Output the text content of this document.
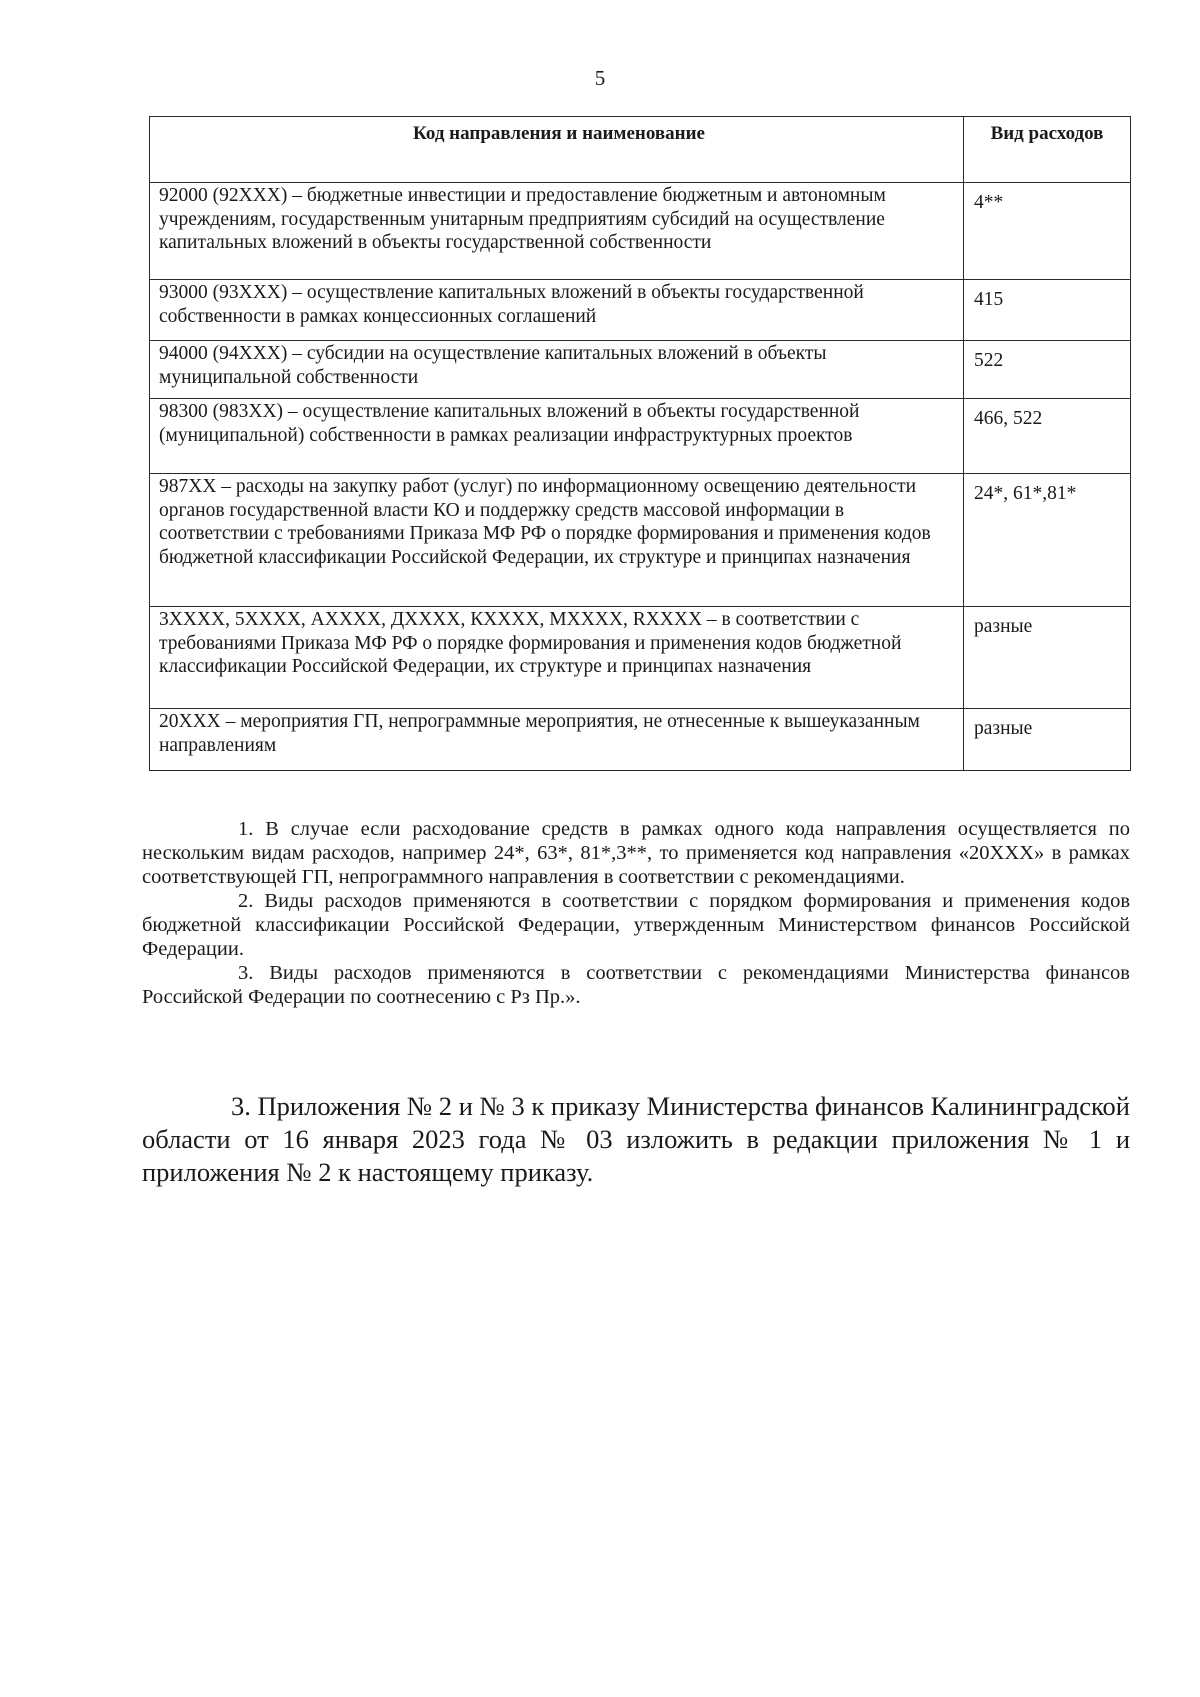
5
Код направления и наименование	Вид расходов
92000 (92ХХХ) – бюджетные инвестиции и предоставление бюджетным и автономным учреждениям, государственным унитарным предприятиям субсидий на осуществление капитальных вложений в объекты государственной собственности	4**
93000 (93ХХХ) – осуществление капитальных вложений в объекты государственной собственности в рамках концессионных соглашений	415
94000 (94ХХХ) – субсидии на осуществление капитальных вложений в объекты муниципальной собственности	522
98300 (983ХХ) – осуществление капитальных вложений в объекты государственной (муниципальной) собственности в рамках реализации инфраструктурных проектов	466, 522
987ХХ – расходы на закупку работ (услуг) по информационному освещению деятельности органов государственной власти КО и поддержку средств массовой информации в соответствии с требованиями Приказа МФ РФ о порядке формирования и применения кодов бюджетной классификации Российской Федерации, их структуре и принципах назначения	24*, 61*,81*
3ХХХХ, 5ХХХХ, АХХХХ, ДХХХХ, КХХХХ, МХХХХ, RХХХХ – в соответствии с требованиями Приказа МФ РФ о порядке формирования и применения кодов бюджетной классификации Российской Федерации, их структуре и принципах назначения	разные
20ХХХ – мероприятия ГП, непрограммные мероприятия, не отнесенные к вышеуказанным направлениям	разные

1. В случае если расходование средств в рамках одного кода направления осуществляется по нескольким видам расходов, например 24*, 63*, 81*,3**, то применяется код направления «20ХХХ» в рамках соответствующей ГП, непрограммного направления в соответствии с рекомендациями.

2. Виды расходов применяются в соответствии с порядком формирования и применения кодов бюджетной классификации Российской Федерации, утвержденным Министерством финансов Российской Федерации.

3. Виды расходов применяются в соответствии с рекомендациями Министерства финансов Российской Федерации по соотнесению с Рз Пр.».

3. Приложения № 2 и № 3 к приказу Министерства финансов Калининградской области от 16 января 2023 года № 03 изложить в редакции приложения № 1 и приложения № 2 к настоящему приказу.
